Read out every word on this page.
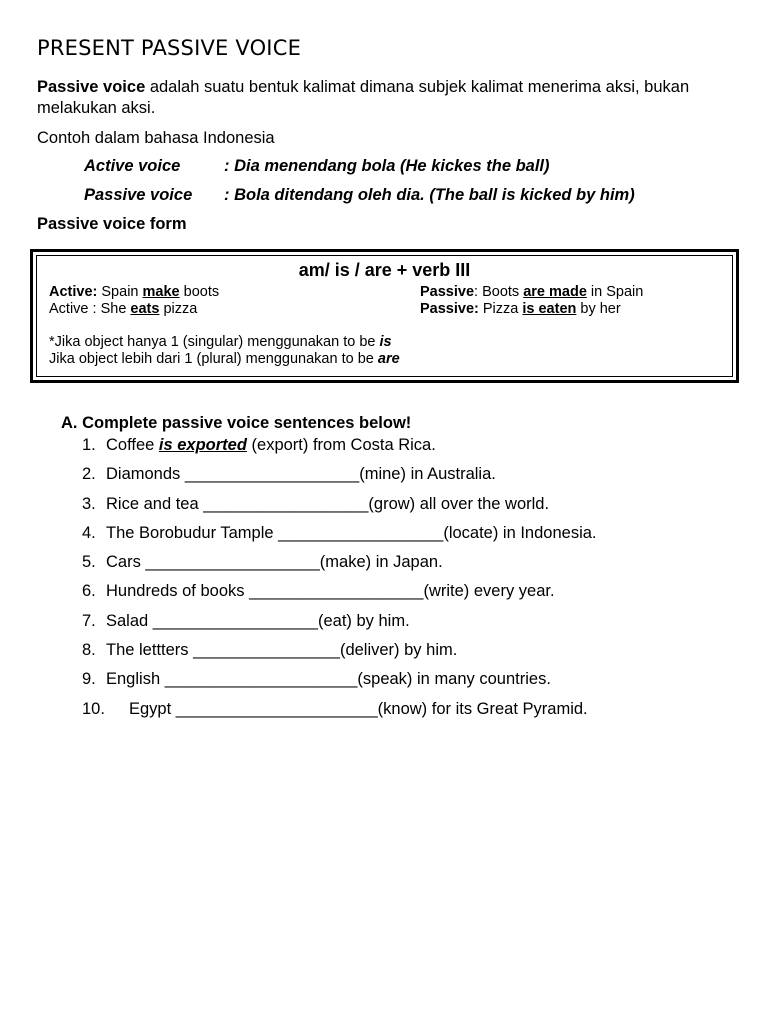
PRESENT PASSIVE VOICE
Passive voice adalah suatu bentuk kalimat dimana subjek kalimat menerima aksi, bukan melakukan aksi.
Contoh dalam bahasa Indonesia
Active voice	: Dia menendang bola (He kickes the ball)
Passive voice : Bola ditendang oleh dia. (The ball is kicked by him)
Passive voice form
am/ is / are + verb III
Active: Spain make boots	Passive: Boots are made in Spain
Active : She eats pizza	Passive: Pizza is eaten by her
*Jika object hanya 1 (singular) menggunakan to be is
Jika object lebih dari 1 (plural) menggunakan to be are
A. Complete passive voice sentences below!
1. Coffee is exported (export) from Costa Rica.
2. Diamonds ___________________(mine) in Australia.
3. Rice and tea __________________(grow) all over the world.
4. The Borobudur Tample __________________(locate) in Indonesia.
5. Cars ___________________(make) in Japan.
6. Hundreds of books ___________________(write) every year.
7. Salad __________________(eat) by him.
8. The lettters ________________(deliver) by him.
9. English _____________________(speak) in many countries.
10. Egypt ______________________(know) for its Great Pyramid.
